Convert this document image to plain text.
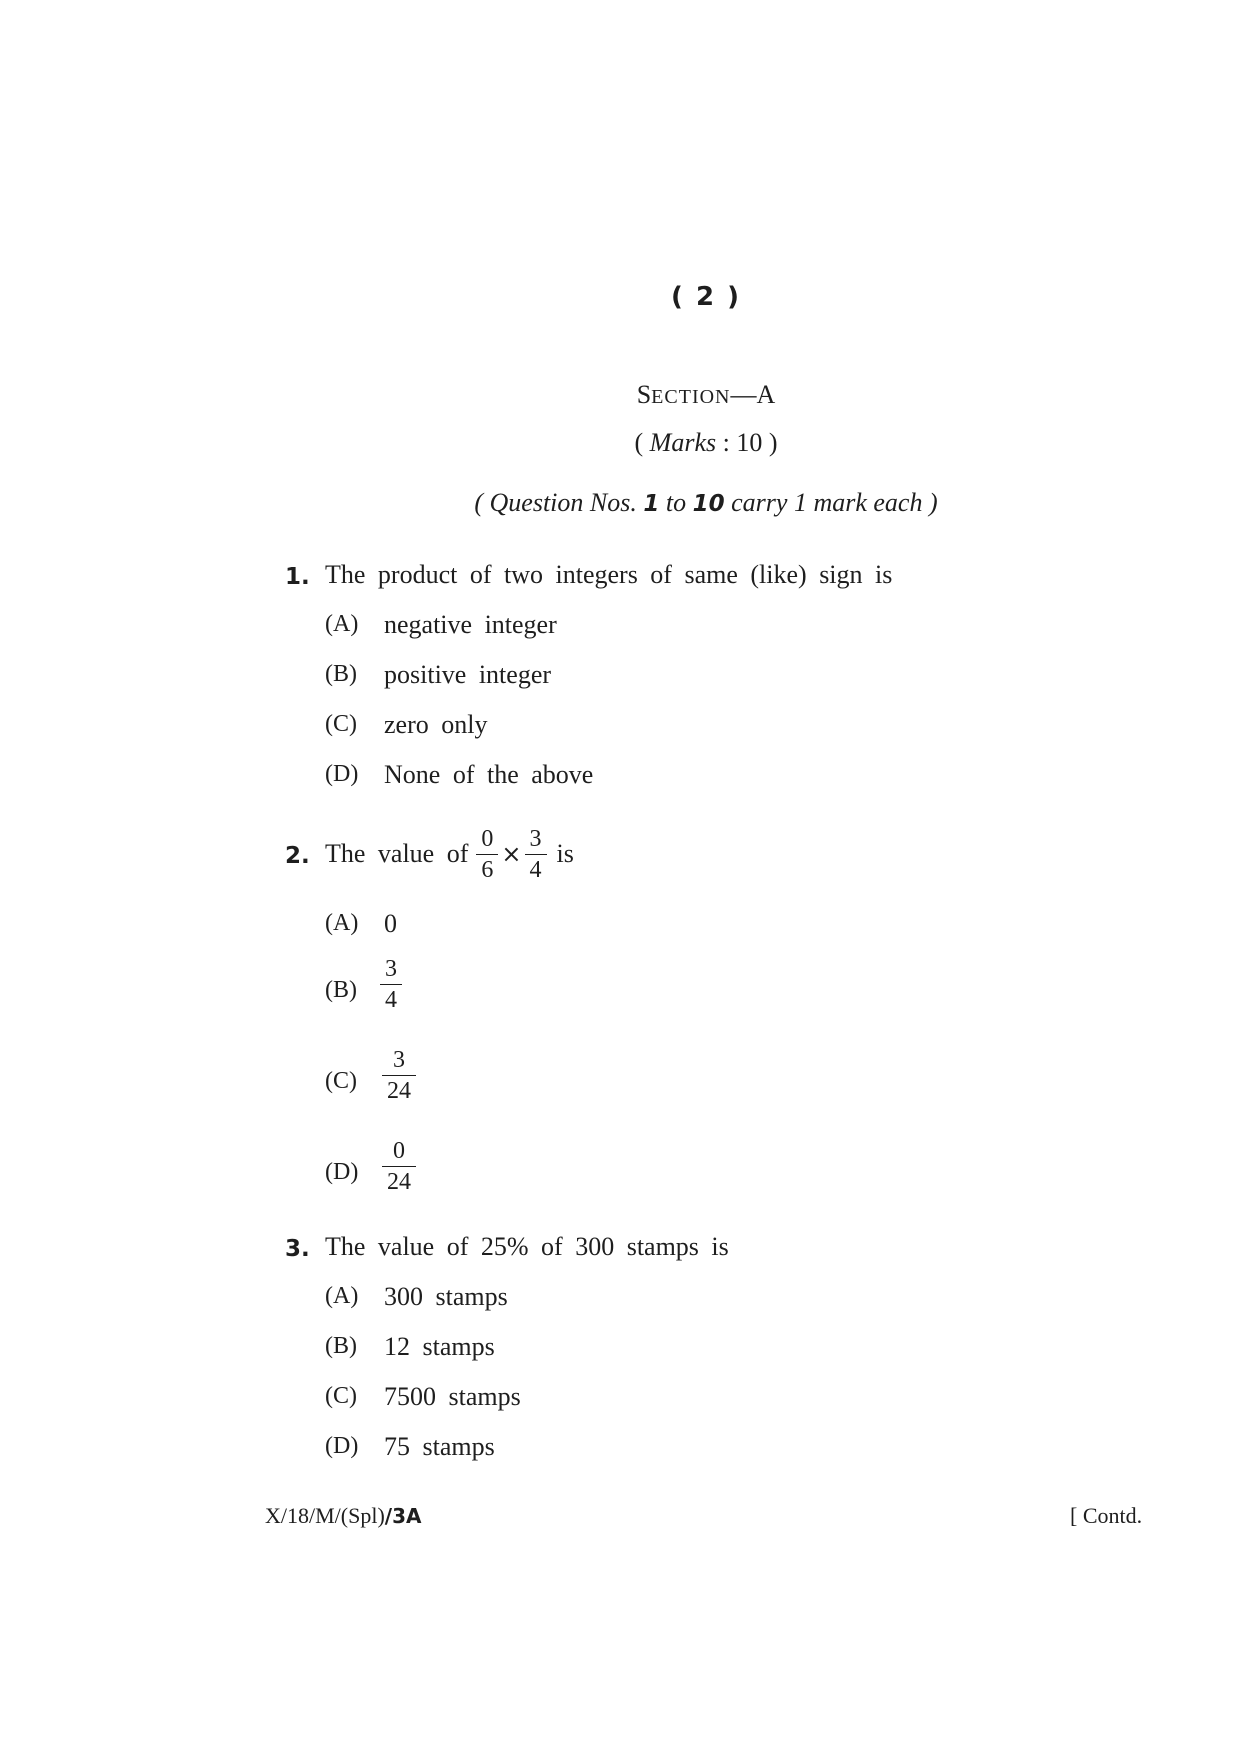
( 2 )
SECTION—A
( Marks : 10 )
( Question Nos. 1 to 10 carry 1 mark each )
1. The product of two integers of same (like) sign is
(A) negative integer
(B) positive integer
(C) zero only
(D) None of the above
2. The value of $\frac{0}{6} \times \frac{3}{4}$ is
(A) 0
$(B) \frac{3}{4}$
$(C) \frac{3}{24}$
$(D) \frac{0}{24}$
3. The value of 25% of 300 stamps is
(A) 300 stamps
(B) 12 stamps
(C) 7500 stamps
(D) 75 stamps
X/18/M/(Spl)/3A	[ Contd.
